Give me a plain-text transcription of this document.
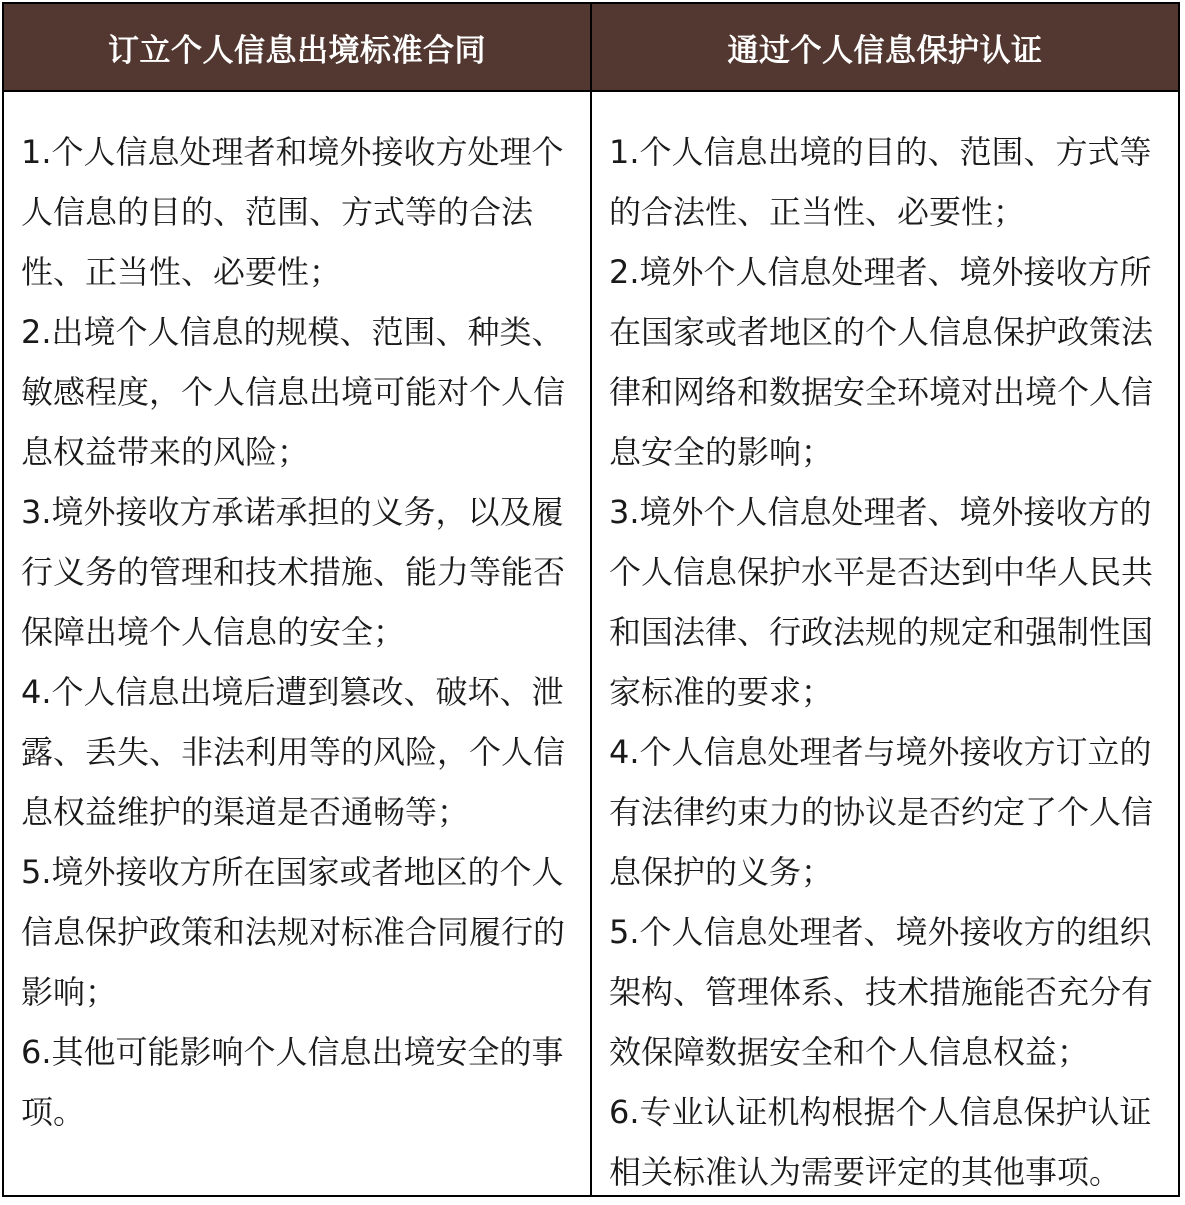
订立个人信息出境标准合同	通过个人信息保护认证
1.个人信息处理者和境外接收方处理个人信息的目的、范围、方式等的合法性、正当性、必要性；
2.出境个人信息的规模、范围、种类、敏感程度，个人信息出境可能对个人信息权益带来的风险；
3.境外接收方承诺承担的义务，以及履行义务的管理和技术措施、能力等能否保障出境个人信息的安全；
4.个人信息出境后遭到篡改、破坏、泄露、丢失、非法利用等的风险，个人信息权益维护的渠道是否通畅等；
5.境外接收方所在国家或者地区的个人信息保护政策和法规对标准合同履行的影响；
6.其他可能影响个人信息出境安全的事项。
1.个人信息出境的目的、范围、方式等的合法性、正当性、必要性；
2.境外个人信息处理者、境外接收方所在国家或者地区的个人信息保护政策法律和网络和数据安全环境对出境个人信息安全的影响；
3.境外个人信息处理者、境外接收方的个人信息保护水平是否达到中华人民共和国法律、行政法规的规定和强制性国家标准的要求；
4.个人信息处理者与境外接收方订立的有法律约束力的协议是否约定了个人信息保护的义务；
5.个人信息处理者、境外接收方的组织架构、管理体系、技术措施能否充分有效保障数据安全和个人信息权益；
6.专业认证机构根据个人信息保护认证相关标准认为需要评定的其他事项。
